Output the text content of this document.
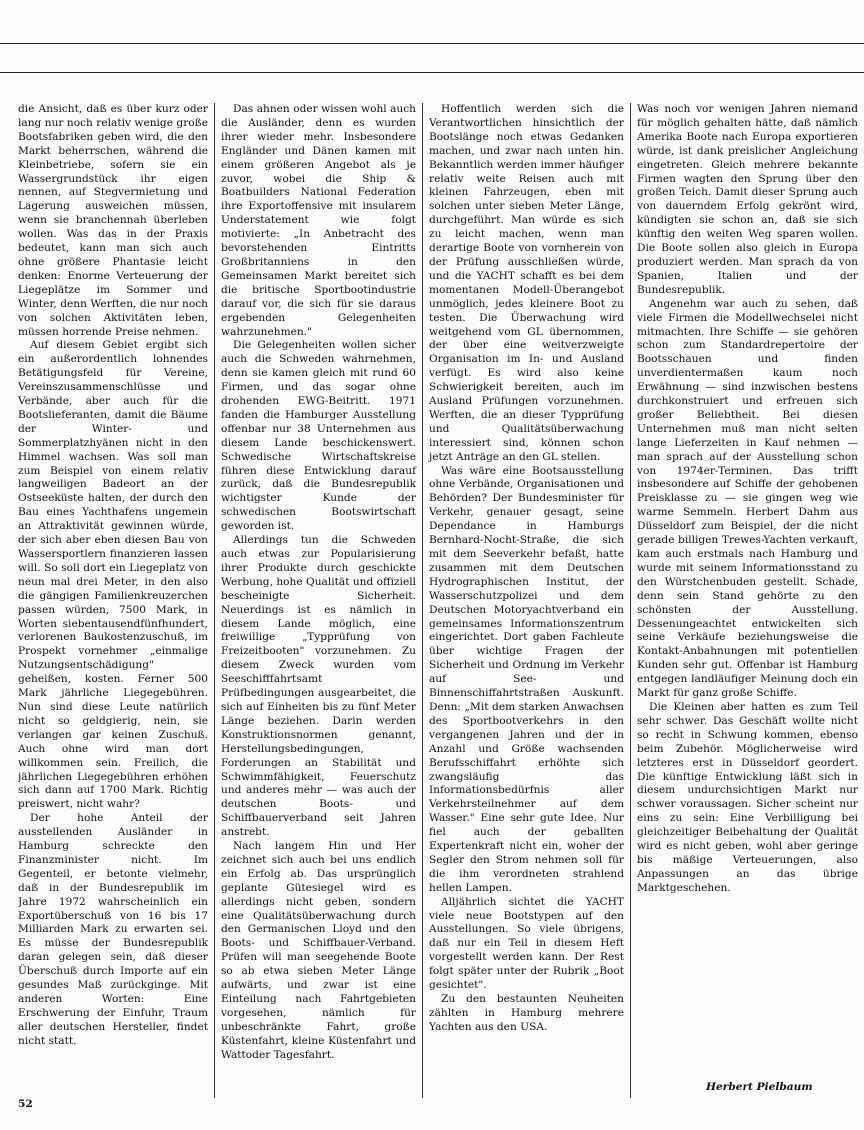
die Ansicht, daß es über kurz oder lang nur noch relativ wenige große Bootsfabriken geben wird, die den Markt beherrschen, während die Kleinbetriebe, sofern sie ein Wassergrundstück ihr eigen nennen, auf Stegvermietung und Lagerung ausweichen müssen, wenn sie branchennah überleben wollen. Was das in der Praxis bedeutet, kann man sich auch ohne größere Phantasie leicht denken: Enorme Verteuerung der Liegeplätze im Sommer und Winter, denn Werften, die nur noch von solchen Aktivitäten leben, müssen horrende Preise nehmen.

Auf diesem Gebiet ergibt sich ein außerordentlich lohnendes Betätigungsfeld für Vereine, Vereinszusammenschlüsse und Verbände, aber auch für die Bootslieferanten, damit die Bäume der Winter- und Sommerplatzhyänen nicht in den Himmel wachsen. Was soll man zum Beispiel von einem relativ langweiligen Badeort an der Ostseeküste halten, der durch den Bau eines Yachthafens ungemein an Attraktivität gewinnen würde, der sich aber eben diesen Bau von Wassersportlern finanzieren lassen will. So soll dort ein Liegeplatz von neun mal drei Meter, in den also die gängigen Familienkreuzerchen passen würden, 7500 Mark, in Worten siebentausendfünfhundert, verlorenen Baukostenzuschuß, im Prospekt vornehmer „einmalige Nutzungsentschädigung" geheißen, kosten. Ferner 500 Mark jährliche Liegegebühren. Nun sind diese Leute natürlich nicht so geldgierig, nein, sie verlangen gar keinen Zuschuß. Auch ohne wird man dort willkommen sein. Freilich, die jährlichen Liegegebühren erhöhen sich dann auf 1700 Mark. Richtig preiswert, nicht wahr?

Der hohe Anteil der ausstellenden Ausländer in Hamburg schreckte den Finanzminister nicht. Im Gegenteil, er betonte vielmehr, daß in der Bundesrepublik im Jahre 1972 wahrscheinlich ein Exportüberschuß von 16 bis 17 Milliarden Mark zu erwarten sei. Es müsse der Bundesrepublik daran gelegen sein, daß dieser Überschuß durch Importe auf ein gesundes Maß zurückginge. Mit anderen Worten: Eine Erschwerung der Einfuhr, Traum aller deutschen Hersteller, findet nicht statt.

Das ahnen oder wissen wohl auch die Ausländer, denn es wurden ihrer wieder mehr. Insbesondere Engländer und Dänen kamen mit einem größeren Angebot als je zuvor, wobei die Ship & Boatbuilders National Federation ihre Exportoffensive mit insularem Understatement wie folgt motivierte: „In Anbetracht des bevorstehenden Eintritts Großbritanniens in den Gemeinsamen Markt bereitet sich die britische Sportbootindustrie darauf vor, die sich für sie daraus ergebenden Gelegenheiten wahrzunehmen."

Die Gelegenheiten wollen sicher auch die Schweden wahrnehmen, denn sie kamen gleich mit rund 60 Firmen, und das sogar ohne drohenden EWG-Beitritt. 1971 fanden die Hamburger Ausstellung offenbar nur 38 Unternehmen aus diesem Lande beschickenswert. Schwedische Wirtschaftskreise führen diese Entwicklung darauf zurück, daß die Bundesrepublik wichtigster Kunde der schwedischen Bootswirtschaft geworden ist.

Allerdings tun die Schweden auch etwas zur Popularisierung ihrer Produkte durch geschickte Werbung, hohe Qualität und offiziell bescheinigte Sicherheit. Neuerdings ist es nämlich in diesem Lande möglich, eine freiwillige „Typprüfung von Freizeitbooten" vorzunehmen. Zu diesem Zweck wurden vom Seeschifffahrtsamt Prüfbedingungen ausgearbeitet, die sich auf Einheiten bis zu fünf Meter Länge beziehen. Darin werden Konstruktionsnormen genannt, Herstellungsbedingungen, Forderungen an Stabilität und Schwimmfähigkeit, Feuerschutz und anderes mehr — was auch der deutschen Boots- und Schiffbauerverband seit Jahren anstrebt.

Nach langem Hin und Her zeichnet sich auch bei uns endlich ein Erfolg ab. Das ursprünglich geplante Gütesiegel wird es allerdings nicht geben, sondern eine Qualitätsüberwachung durch den Germanischen Lloyd und den Boots- und Schiffbauer-Verband. Prüfen will man seegehende Boote so ab etwa sieben Meter Länge aufwärts, und zwar ist eine Einteilung nach Fahrtgebieten vorgesehen, nämlich für unbeschränkte Fahrt, große Küstenfahrt, kleine Küstenfahrt und Wattoder Tagesfahrt.

Hoffentlich werden sich die Verantwortlichen hinsichtlich der Bootslänge noch etwas Gedanken machen, und zwar nach unten hin. Bekanntlich werden immer häufiger relativ weite Reisen auch mit kleinen Fahrzeugen, eben mit solchen unter sieben Meter Länge, durchgeführt. Man würde es sich zu leicht machen, wenn man derartige Boote von vornherein von der Prüfung ausschließen würde, und die YACHT schafft es bei dem momentanen Modell-Überangebot unmöglich, jedes kleinere Boot zu testen. Die Überwachung wird weitgehend vom GL übernommen, der über eine weitverzweigte Organisation im In- und Ausland verfügt. Es wird also keine Schwierigkeit bereiten, auch im Ausland Prüfungen vorzunehmen. Werften, die an dieser Typprüfung und Qualitätsüberwachung interessiert sind, können schon jetzt Anträge an den GL stellen.

Was wäre eine Bootsausstellung ohne Verbände, Organisationen und Behörden? Der Bundesminister für Verkehr, genauer gesagt, seine Dependance in Hamburgs Bernhard-Nocht-Straße, die sich mit dem Seeverkehr befaßt, hatte zusammen mit dem Deutschen Hydrographischen Institut, der Wasserschutzpolizei und dem Deutschen Motoryachtverband ein gemeinsames Informationszentrum eingerichtet. Dort gaben Fachleute über wichtige Fragen der Sicherheit und Ordnung im Verkehr auf See- und Binnenschiffahrtstraßen Auskunft. Denn: „Mit dem starken Anwachsen des Sportbootverkehrs in den vergangenen Jahren und der in Anzahl und Größe wachsenden Berufsschiffahrt erhöhte sich zwangsläufig das Informationsbedürfnis aller Verkehrsteilnehmer auf dem Wasser." Eine sehr gute Idee. Nur fiel auch der geballten Expertenkraft nicht ein, woher der Segler den Strom nehmen soll für die ihm verordneten strahlend hellen Lampen.

Alljährlich sichtet die YACHT viele neue Bootstypen auf den Ausstellungen. So viele übrigens, daß nur ein Teil in diesem Heft vorgestellt werden kann. Der Rest folgt später unter der Rubrik „Boot gesichtet".

Zu den bestaunten Neuheiten zählten in Hamburg mehrere Yachten aus den USA.

Was noch vor wenigen Jahren niemand für möglich gehalten hätte, daß nämlich Amerika Boote nach Europa exportieren würde, ist dank preislicher Angleichung eingetreten. Gleich mehrere bekannte Firmen wagten den Sprung über den großen Teich. Damit dieser Sprung auch von dauerndem Erfolg gekrönt wird, kündigten sie schon an, daß sie sich künftig den weiten Weg sparen wollen. Die Boote sollen also gleich in Europa produziert werden. Man sprach da von Spanien, Italien und der Bundesrepublik.

Angenehm war auch zu sehen, daß viele Firmen die Modellwechselei nicht mitmachten. Ihre Schiffe — sie gehören schon zum Standardrepertoire der Bootsschauen und finden unverdientermaßen kaum noch Erwähnung — sind inzwischen bestens durchkonstruiert und erfreuen sich großer Beliebtheit. Bei diesen Unternehmen muß man nicht selten lange Lieferzeiten in Kauf nehmen — man sprach auf der Ausstellung schon von 1974er-Terminen. Das trifft insbesondere auf Schiffe der gehobenen Preisklasse zu — sie gingen weg wie warme Semmeln. Herbert Dahm aus Düsseldorf zum Beispiel, der die nicht gerade billigen Trewes-Yachten verkauft, kam auch erstmals nach Hamburg und wurde mit seinem Informationsstand zu den Würstchenbuden gestellt. Schade, denn sein Stand gehörte zu den schönsten der Ausstellung. Dessenungeachtet entwickelten sich seine Verkäufe beziehungsweise die Kontakt-Anbahnungen mit potentiellen Kunden sehr gut. Offenbar ist Hamburg entgegen landläufiger Meinung doch ein Markt für ganz große Schiffe.

Die Kleinen aber hatten es zum Teil sehr schwer. Das Geschäft wollte nicht so recht in Schwung kommen, ebenso beim Zubehör. Möglicherweise wird letzteres erst in Düsseldorf geordert. Die künftige Entwicklung läßt sich in diesem undurchsichtigen Markt nur schwer voraussagen. Sicher scheint nur eins zu sein: Eine Verbilligung bei gleichzeitiger Beibehaltung der Qualität wird es nicht geben, wohl aber geringe bis mäßige Verteuerungen, also Anpassungen an das übrige Marktgeschehen.

Herbert Pielbaum
52
